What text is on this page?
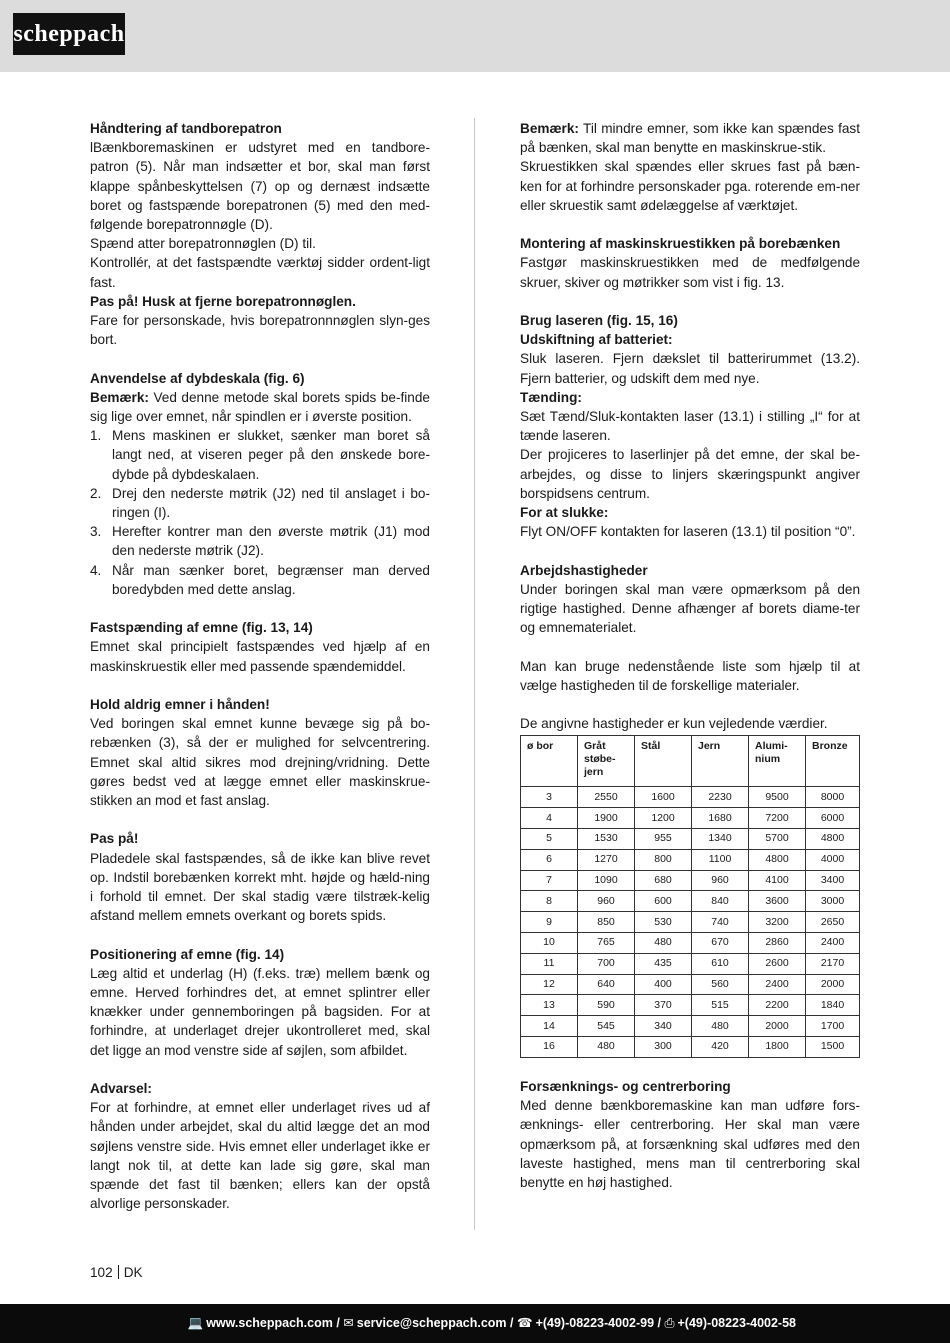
scheppach

Håndtering af tandborepatron

lBænkboremaskinen er udstyret med en tandbore-patron (5). Når man indsætter et bor, skal man først klappe spånbeskyttelsen (7) op og dernæst indsætte boret og fastspænde borepatronen (5) med den med-følgende borepatronnøgle (D).

Spænd atter borepatronnøglen (D) til.

Kontrollér, at det fastspændte værktøj sidder ordent-ligt fast.

Pas på! Husk at fjerne borepatronnøglen.

Fare for personskade, hvis borepatronnnøglen slyn-ges bort.

Anvendelse af dybdeskala (fig. 6)

Bemærk: Ved denne metode skal borets spids be-finde sig lige over emnet, når spindlen er i øverste position.

1. Mens maskinen er slukket, sænker man boret så langt ned, at viseren peger på den ønskede bore-dybde på dybdeskalaen.
2. Drej den nederste møtrik (J2) ned til anslaget i bo-ringen (I).
3. Herefter kontrer man den øverste møtrik (J1) mod den nederste møtrik (J2).
4. Når man sænker boret, begrænser man derved boredybden med dette anslag.

Fastspænding af emne (fig. 13, 14)

Emnet skal principielt fastspændes ved hjælp af en maskinskruestik eller med passende spændemiddel.

Hold aldrig emner i hånden!

Ved boringen skal emnet kunne bevæge sig på bo-rebænken (3), så der er mulighed for selvcentrering. Emnet skal altid sikres mod drejning/vridning. Dette gøres bedst ved at lægge emnet eller maskinskrue-stikken an mod et fast anslag.

Pas på!

Pladedele skal fastspændes, så de ikke kan blive revet op. Indstil borebænken korrekt mht. højde og hæld-ning i forhold til emnet. Der skal stadig være tilstræk-kelig afstand mellem emnets overkant og borets spids.

Positionering af emne (fig. 14)

Læg altid et underlag (H) (f.eks. træ) mellem bænk og emne. Herved forhindres det, at emnet splintrer eller knækker under gennemboringen på bagsiden. For at forhindre, at underlaget drejer ukontrolleret med, skal det ligge an mod venstre side af søjlen, som afbildet.

Advarsel:

For at forhindre, at emnet eller underlaget rives ud af hånden under arbejdet, skal du altid lægge det an mod søjlens venstre side. Hvis emnet eller underlaget ikke er langt nok til, at dette kan lade sig gøre, skal man spænde det fast til bænken; ellers kan der opstå alvorlige personskader.

Bemærk: Til mindre emner, som ikke kan spændes fast på bænken, skal man benytte en maskinskrue-stik.

Skruestikken skal spændes eller skrues fast på bæn-ken for at forhindre personskader pga. roterende em-ner eller skruestik samt ødelæggelse af værktøjet.

Montering af maskinskruestikken på borebænken

Fastgør maskinskruestikken med de medfølgende skruer, skiver og møtrikker som vist i fig. 13.

Brug laseren (fig. 15, 16)

Udskiftning af batteriet:

Sluk laseren. Fjern dækslet til batterirummet (13.2). Fjern batterier, og udskift dem med nye.

Tænding:

Sæt Tænd/Sluk-kontakten laser (13.1) i stilling „I“ for at tænde laseren.

Der projiceres to laserlinjer på det emne, der skal be-arbejdes, og disse to linjers skæringspunkt angiver borspidsens centrum.

For at slukke:

Flyt ON/OFF kontakten for laseren (13.1) til position “0”.

Arbejdshastigheder

Under boringen skal man være opmærksom på den rigtige hastighed. Denne afhænger af borets diame-ter og emnematerialet.

Man kan bruge nedenstående liste som hjælp til at vælge hastigheden til de forskellige materialer.

De angivne hastigheder er kun vejledende værdier.

ø bor	Gråt støbe-jern	Stål	Jern	Alumi-nium	Bronze
3	2550	1600	2230	9500	8000
4	1900	1200	1680	7200	6000
5	1530	955	1340	5700	4800
6	1270	800	1100	4800	4000
7	1090	680	960	4100	3400
8	960	600	840	3600	3000
9	850	530	740	3200	2650
10	765	480	670	2860	2400
11	700	435	610	2600	2170
12	640	400	560	2400	2000
13	590	370	515	2200	1840
14	545	340	480	2000	1700
16	480	300	420	1800	1500

Forsænknings- og centrerboring

Med denne bænkboremaskine kan man udføre fors-ænknings- eller centrerboring. Her skal man være opmærksom på, at forsænkning skal udføres med den laveste hastighed, mens man til centrerboring skal benytte en høj hastighed.

102 DK
💻 www.scheppach.com / ✉ service@scheppach.com / ☎ +(49)-08223-4002-99 / ⎙ +(49)-08223-4002-58
